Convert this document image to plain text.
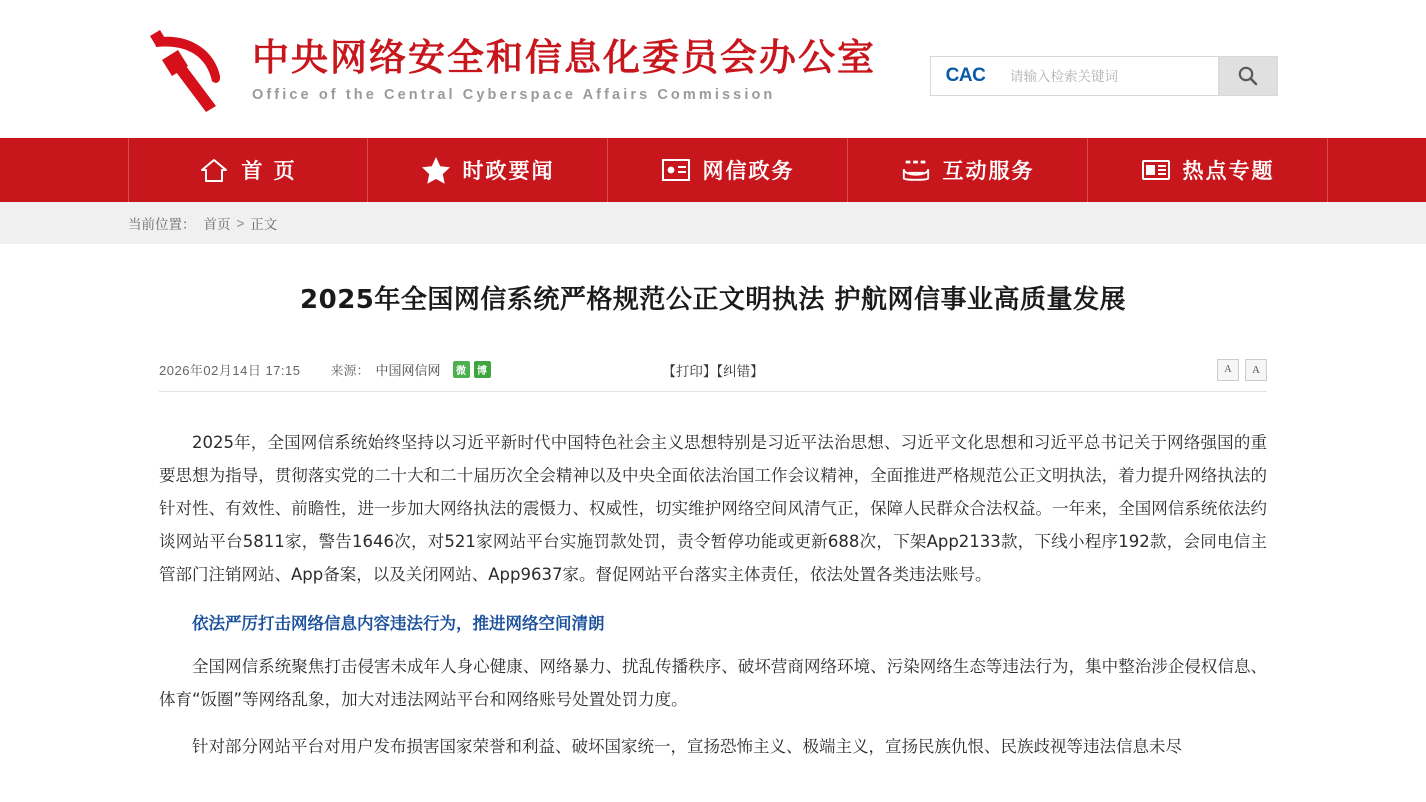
中央网络安全和信息化委员会办公室
Office of the Central Cyberspace Affairs Commission
CAC
请输入检索关键词
首 页	时政要闻	网信政务	互动服务	热点专题
当前位置： 首页 > 正文
2025年全国网信系统严格规范公正文明执法 护航网信事业高质量发展
2026年02月14日 17:15 来源： 中国网信网	微	博	【打印】【纠错】	A	A

2025年，全国网信系统始终坚持以习近平新时代中国特色社会主义思想特别是习近平法治思想、习近平文化思想和习近平总书记关于网络强国的重要思想为指导，贯彻落实党的二十大和二十届历次全会精神以及中央全面依法治国工作会议精神，全面推进严格规范公正文明执法，着力提升网络执法的针对性、有效性、前瞻性，进一步加大网络执法的震慑力、权威性，切实维护网络空间风清气正，保障人民群众合法权益。一年来，全国网信系统依法约谈网站平台5811家，警告1646次，对521家网站平台实施罚款处罚，责令暂停功能或更新688次，下架App2133款，下线小程序192款，会同电信主管部门注销网站、App备案，以及关闭网站、App9637家。督促网站平台落实主体责任，依法处置各类违法账号。

依法严厉打击网络信息内容违法行为，推进网络空间清朗

全国网信系统聚焦打击侵害未成年人身心健康、网络暴力、扰乱传播秩序、破坏营商网络环境、污染网络生态等违法行为，集中整治涉企侵权信息、体育“饭圈”等网络乱象，加大对违法网站平台和网络账号处置处罚力度。

针对部分网站平台对用户发布损害国家荣誉和利益、破坏国家统一，宣扬恐怖主义、极端主义，宣扬民族仇恨、民族歧视等违法信息未尽
